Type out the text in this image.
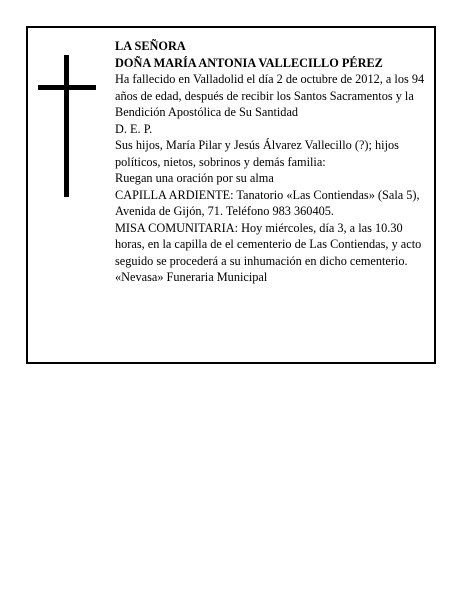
LA SEÑORA

DOÑA MARÍA ANTONIA VALLECILLO PÉREZ

Ha fallecido en Valladolid el día 2 de octubre de 2012, a los 94 años de edad, después de recibir los Santos Sacramentos y la Bendición Apostólica de Su Santidad

D. E. P.

Sus hijos, María Pilar y Jesús Álvarez Vallecillo (?); hijos políticos, nietos, sobrinos y demás familia:

Ruegan una oración por su alma

CAPILLA ARDIENTE: Tanatorio «Las Contiendas» (Sala 5), Avenida de Gijón, 71. Teléfono 983 360405.

MISA COMUNITARIA: Hoy miércoles, día 3, a las 10.30 horas, en la capilla de el cementerio de Las Contiendas, y acto seguido se procederá a su inhumación en dicho cementerio.

«Nevasa» Funeraria Municipal
